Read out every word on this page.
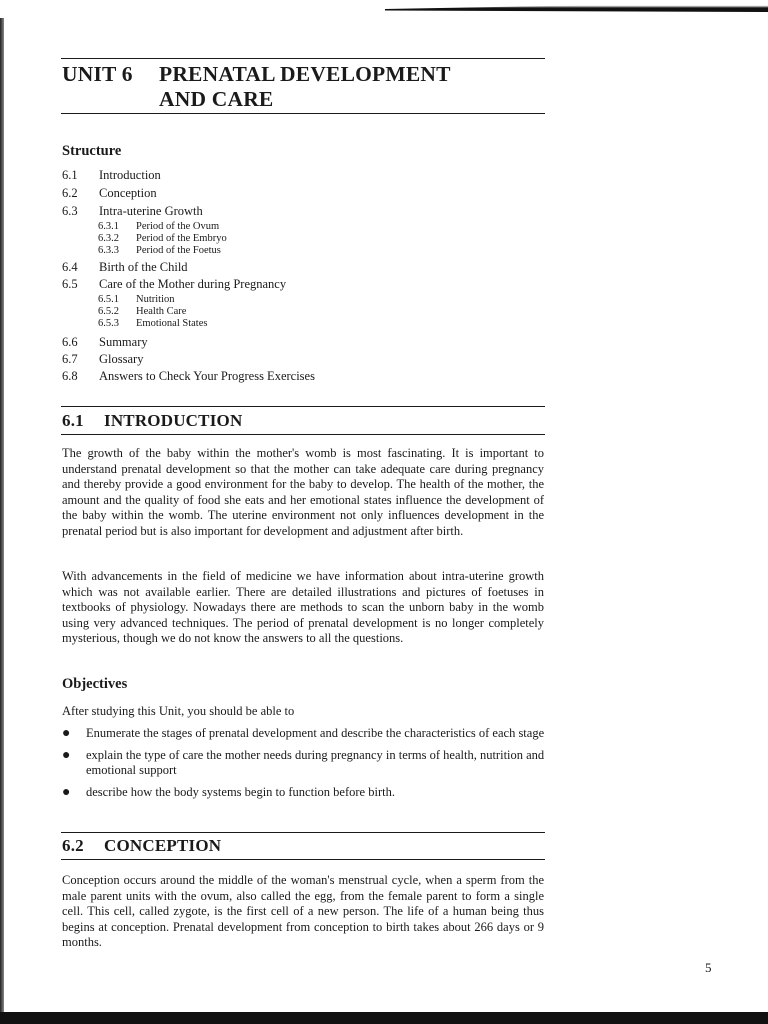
UNIT 6 PRENATAL DEVELOPMENT
AND CARE
Structure
6.1 Introduction
6.2 Conception
6.3 Intra-uterine Growth
6.3.1 Period of the Ovum
6.3.2 Period of the Embryo
6.3.3 Period of the Foetus
6.4 Birth of the Child
6.5 Care of the Mother during Pregnancy
6.5.1 Nutrition
6.5.2 Health Care
6.5.3 Emotional States
6.6 Summary
6.7 Glossary
6.8 Answers to Check Your Progress Exercises
6.1 INTRODUCTION

The growth of the baby within the mother's womb is most fascinating. It is important to understand prenatal development so that the mother can take adequate care during pregnancy and thereby provide a good environment for the baby to develop. The health of the mother, the amount and the quality of food she eats and her emotional states influence the development of the baby within the womb. The uterine environment not only influences development in the prenatal period but is also important for development and adjustment after birth.

With advancements in the field of medicine we have information about intra-uterine growth which was not available earlier. There are detailed illustrations and pictures of foetuses in textbooks of physiology. Nowadays there are methods to scan the unborn baby in the womb using very advanced techniques. The period of prenatal development is no longer completely mysterious, though we do not know the answers to all the questions.

Objectives
After studying this Unit, you should be able to
● Enumerate the stages of prenatal development and describe the characteristics of each stage
● explain the type of care the mother needs during pregnancy in terms of health, nutrition and emotional support
● describe how the body systems begin to function before birth.
6.2 CONCEPTION

Conception occurs around the middle of the woman's menstrual cycle, when a sperm from the male parent units with the ovum, also called the egg, from the female parent to form a single cell. This cell, called zygote, is the first cell of a new person. The life of a human being thus begins at conception. Prenatal development from conception to birth takes about 266 days or 9 months.

5
